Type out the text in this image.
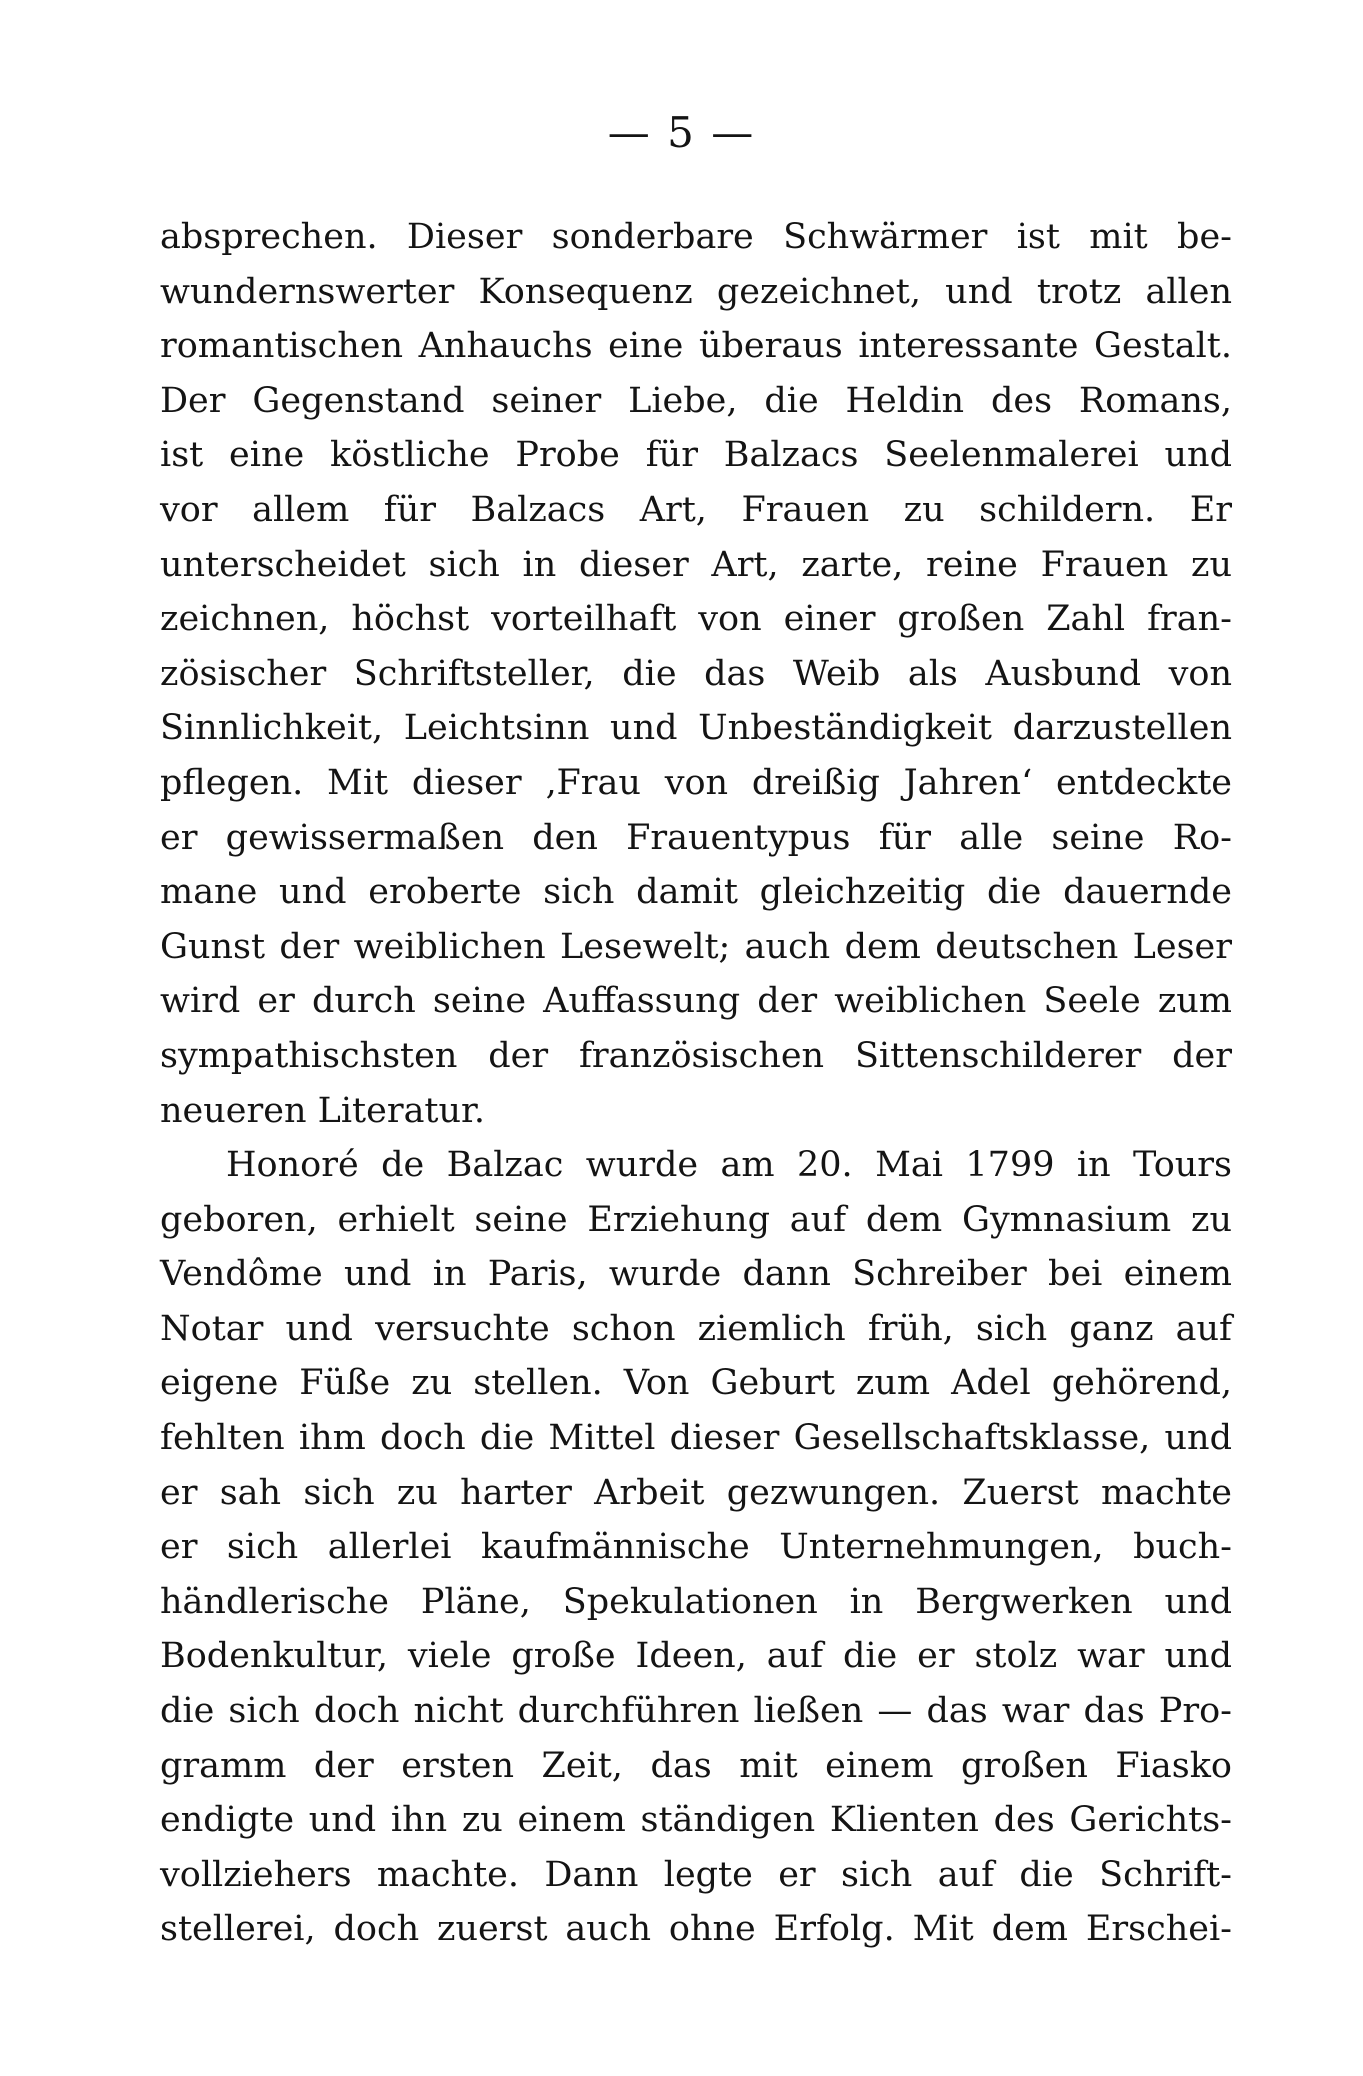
— 5 —
absprechen. Dieser sonderbare Schwärmer ist mit be-
wundernswerter Konsequenz gezeichnet, und trotz allen
romantischen Anhauchs eine überaus interessante Gestalt.
Der Gegenstand seiner Liebe, die Heldin des Romans,
ist eine köstliche Probe für Balzacs Seelenmalerei und
vor allem für Balzacs Art, Frauen zu schildern. Er
unterscheidet sich in dieser Art, zarte, reine Frauen zu
zeichnen, höchst vorteilhaft von einer großen Zahl fran-
zösischer Schriftsteller, die das Weib als Ausbund von
Sinnlichkeit, Leichtsinn und Unbeständigkeit darzustellen
pflegen. Mit dieser ‚Frau von dreißig Jahren‘ entdeckte
er gewissermaßen den Frauentypus für alle seine Ro-
mane und eroberte sich damit gleichzeitig die dauernde
Gunst der weiblichen Lesewelt; auch dem deutschen Leser
wird er durch seine Auffassung der weiblichen Seele zum
sympathischsten der französischen Sittenschilderer der
neueren Literatur.
Honoré de Balzac wurde am 20. Mai 1799 in Tours
geboren, erhielt seine Erziehung auf dem Gymnasium zu
Vendôme und in Paris, wurde dann Schreiber bei einem
Notar und versuchte schon ziemlich früh, sich ganz auf
eigene Füße zu stellen. Von Geburt zum Adel gehörend,
fehlten ihm doch die Mittel dieser Gesellschaftsklasse, und
er sah sich zu harter Arbeit gezwungen. Zuerst machte
er sich allerlei kaufmännische Unternehmungen, buch-
händlerische Pläne, Spekulationen in Bergwerken und
Bodenkultur, viele große Ideen, auf die er stolz war und
die sich doch nicht durchführen ließen — das war das Pro-
gramm der ersten Zeit, das mit einem großen Fiasko
endigte und ihn zu einem ständigen Klienten des Gerichts-
vollziehers machte. Dann legte er sich auf die Schrift-
stellerei, doch zuerst auch ohne Erfolg. Mit dem Erschei-
